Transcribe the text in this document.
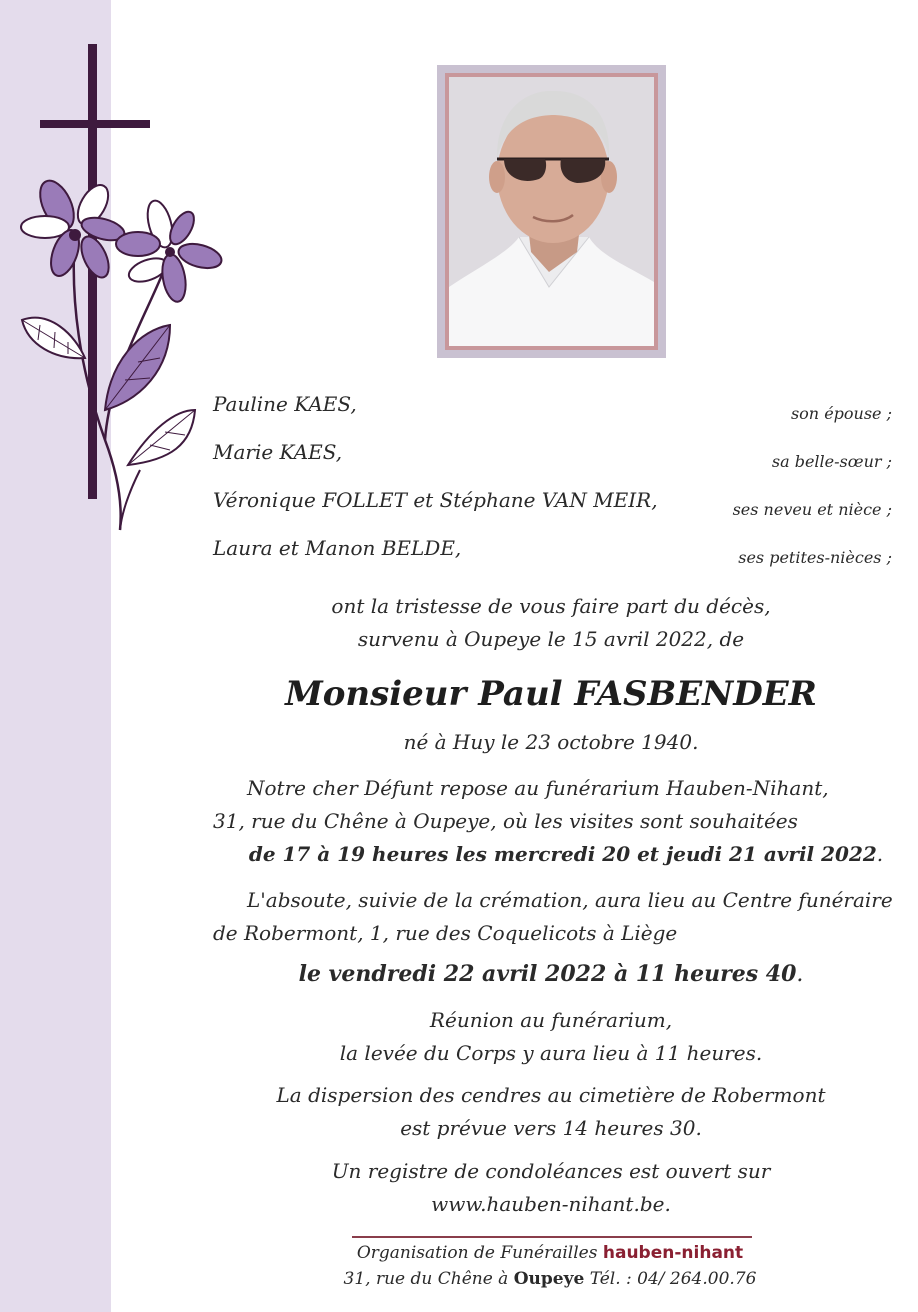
Pauline KAES,	son épouse ;
Marie KAES,	sa belle-sœur ;
Véronique FOLLET et Stéphane VAN MEIR,	ses neveu et nièce ;
Laura et Manon BELDE,	ses petites-nièces ;
ont la tristesse de vous faire part du décès,
survenu à Oupeye le 15 avril 2022, de
Monsieur Paul FASBENDER
né à Huy le 23 octobre 1940.
Notre cher Défunt repose au funérarium Hauben-Nihant,
31, rue du Chêne à Oupeye, où les visites sont souhaitées
de 17 à 19 heures les mercredi 20 et jeudi 21 avril 2022.
L'absoute, suivie de la crémation, aura lieu au Centre funéraire
de Robermont, 1, rue des Coquelicots à Liège
le vendredi 22 avril 2022 à 11 heures 40.
Réunion au funérarium,
la levée du Corps y aura lieu à 11 heures.
La dispersion des cendres au cimetière de Robermont
est prévue vers 14 heures 30.
Un registre de condoléances est ouvert sur
www.hauben-nihant.be.
Organisation de Funérailles hauben-nihant
31, rue du Chêne à Oupeye Tél. : 04/ 264.00.76
